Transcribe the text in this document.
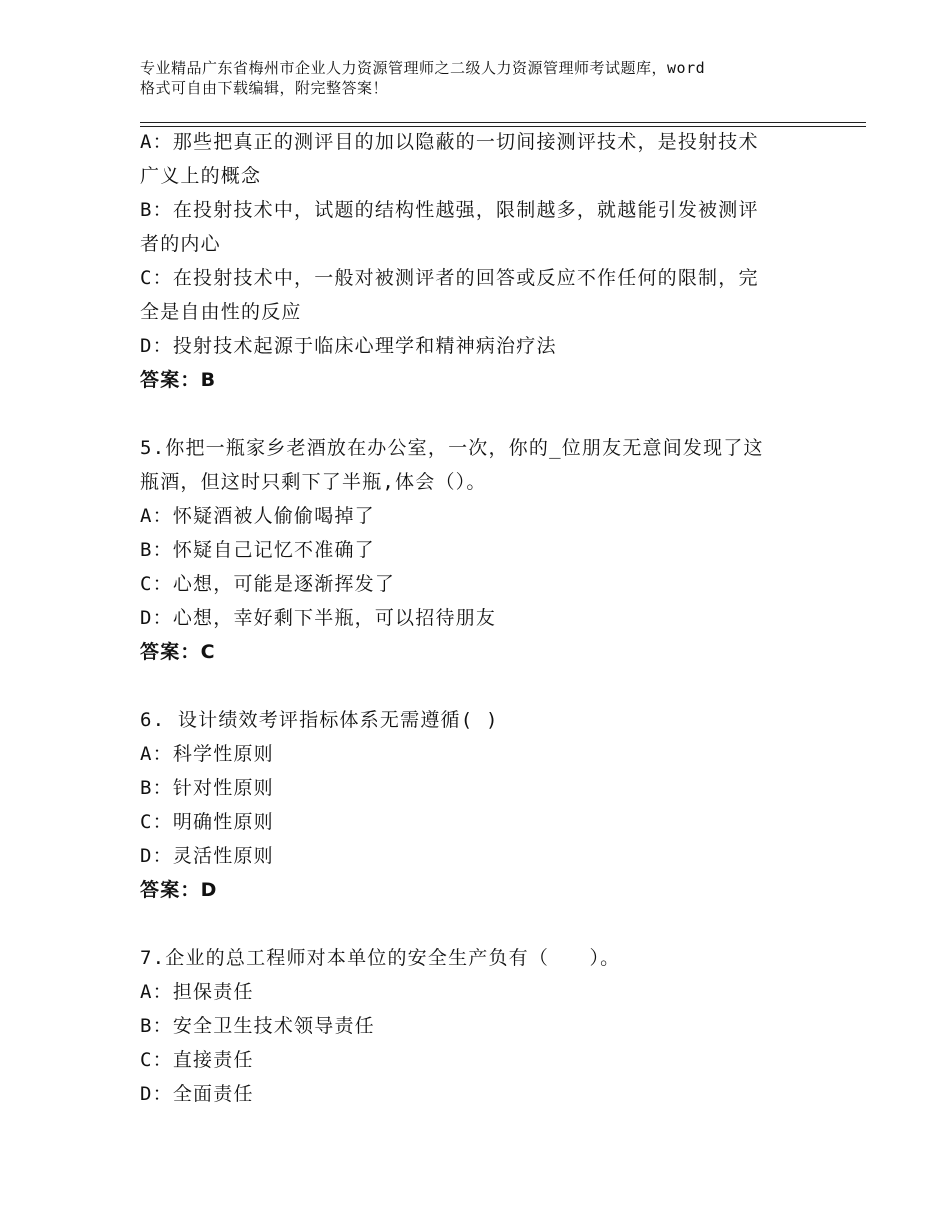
专业精品广东省梅州市企业人力资源管理师之二级人力资源管理师考试题库，word
格式可自由下载编辑，附完整答案！
A：那些把真正的测评目的加以隐蔽的一切间接测评技术，是投射技术
广义上的概念
B：在投射技术中，试题的结构性越强，限制越多，就越能引发被测评
者的内心
C：在投射技术中，一般对被测评者的回答或反应不作任何的限制，完
全是自由性的反应
D：投射技术起源于临床心理学和精神病治疗法
答案：B
5.你把一瓶家乡老酒放在办公室，一次，你的_位朋友无意间发现了这
瓶酒，但这时只剩下了半瓶,体会（）。
A：怀疑酒被人偷偷喝掉了
B：怀疑自己记忆不准确了
C：心想，可能是逐渐挥发了
D：心想，幸好剩下半瓶，可以招待朋友
答案：C
6. 设计绩效考评指标体系无需遵循( )
A：科学性原则
B：针对性原则
C：明确性原则
D：灵活性原则
答案：D
7.企业的总工程师对本单位的安全生产负有（　　）。
A：担保责任
B：安全卫生技术领导责任
C：直接责任
D：全面责任
